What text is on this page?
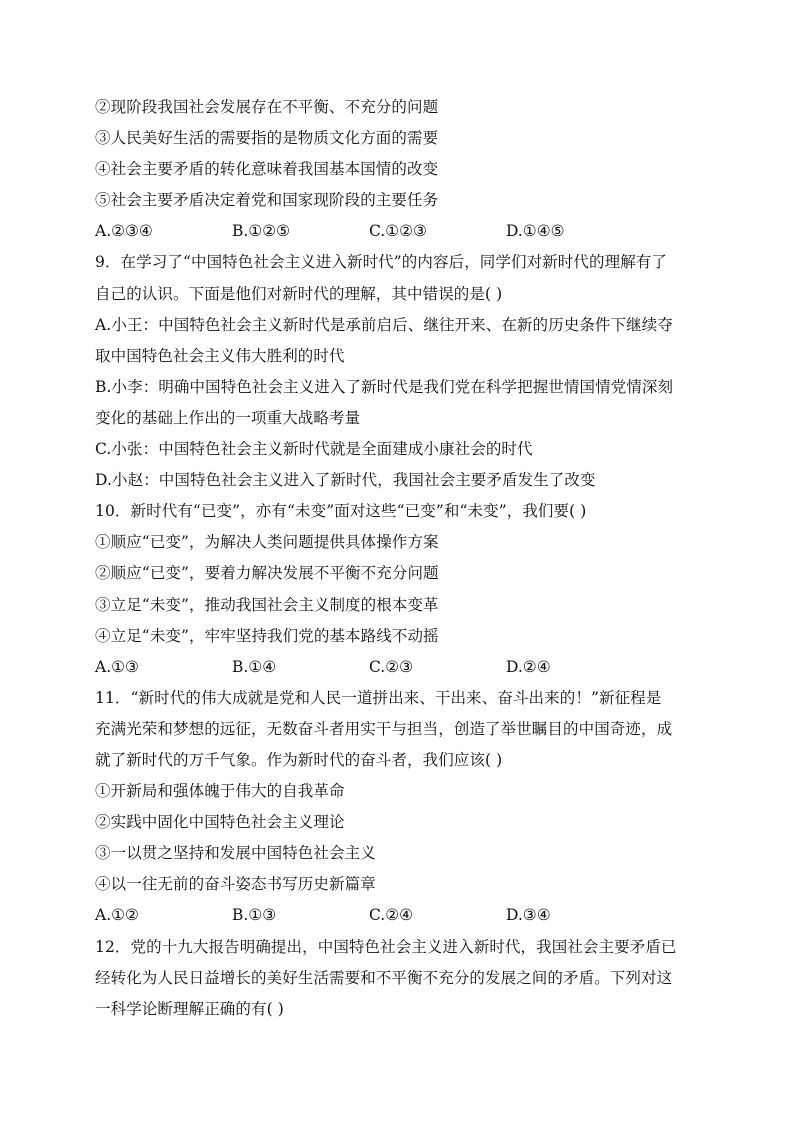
②现阶段我国社会发展存在不平衡、不充分的问题
③人民美好生活的需要指的是物质文化方面的需要
④社会主要矛盾的转化意味着我国基本国情的改变
⑤社会主要矛盾决定着党和国家现阶段的主要任务
A.②③④	B.①②⑤	C.①②③	D.①④⑤
9．在学习了“中国特色社会主义进入新时代”的内容后，同学们对新时代的理解有了
自己的认识。下面是他们对新时代的理解，其中错误的是( )
A.小王：中国特色社会主义新时代是承前启后、继往开来、在新的历史条件下继续夺
取中国特色社会主义伟大胜利的时代
B.小李：明确中国特色社会主义进入了新时代是我们党在科学把握世情国情党情深刻
变化的基础上作出的一项重大战略考量
C.小张：中国特色社会主义新时代就是全面建成小康社会的时代
D.小赵：中国特色社会主义进入了新时代，我国社会主要矛盾发生了改变
10．新时代有“已变”，亦有“未变”面对这些“已变”和“未变”，我们要( )
①顺应“已变”，为解决人类问题提供具体操作方案
②顺应“已变”，要着力解决发展不平衡不充分问题
③立足“未变”，推动我国社会主义制度的根本变革
④立足“未变”，牢牢坚持我们党的基本路线不动摇
A.①③	B.①④	C.②③	D.②④
11．“新时代的伟大成就是党和人民一道拼出来、干出来、奋斗出来的！”新征程是
充满光荣和梦想的远征，无数奋斗者用实干与担当，创造了举世瞩目的中国奇迹，成
就了新时代的万千气象。作为新时代的奋斗者，我们应该( )
①开新局和强体魄于伟大的自我革命
②实践中固化中国特色社会主义理论
③一以贯之坚持和发展中国特色社会主义
④以一往无前的奋斗姿态书写历史新篇章
A.①②	B.①③	C.②④	D.③④
12．党的十九大报告明确提出，中国特色社会主义进入新时代，我国社会主要矛盾已
经转化为人民日益增长的美好生活需要和不平衡不充分的发展之间的矛盾。下列对这
一科学论断理解正确的有( )
